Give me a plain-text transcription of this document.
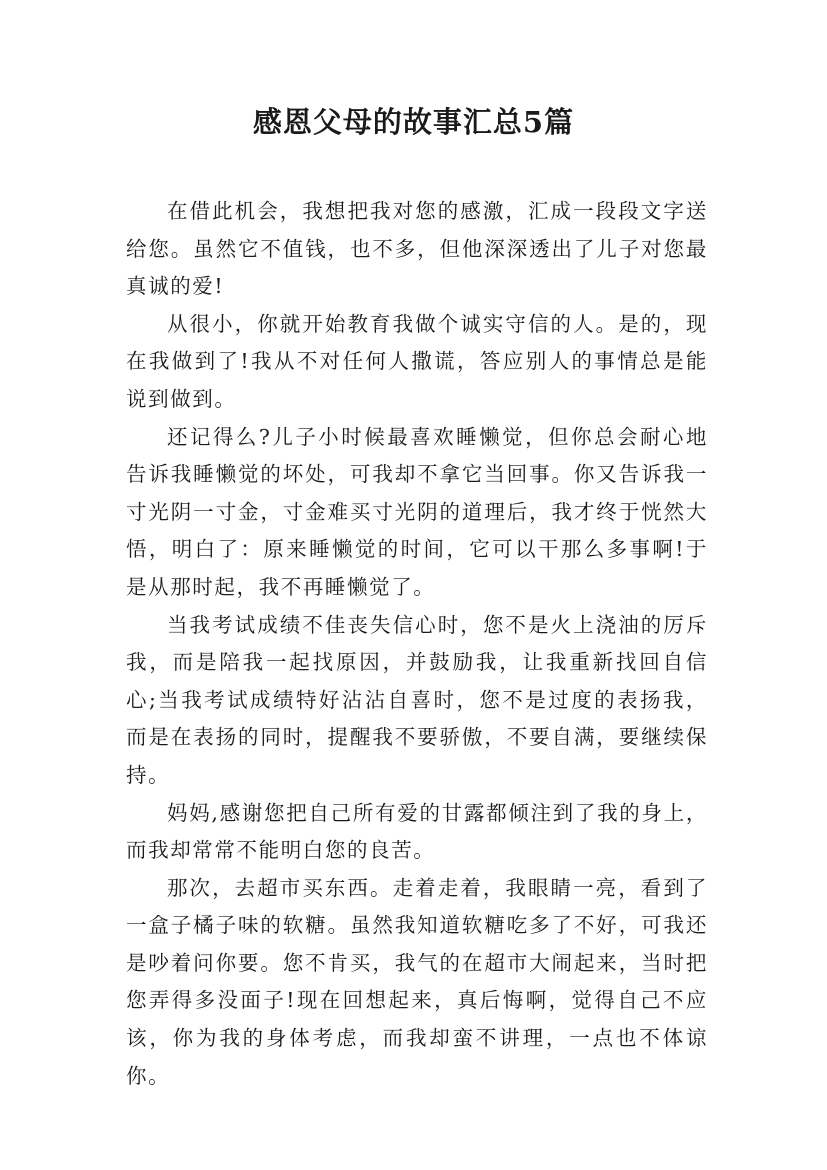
感恩父母的故事汇总5篇

在借此机会，我想把我对您的感激，汇成一段段文字送给您。虽然它不值钱，也不多，但他深深透出了儿子对您最真诚的爱!

从很小，你就开始教育我做个诚实守信的人。是的，现在我做到了!我从不对任何人撒谎，答应别人的事情总是能说到做到。

还记得么?儿子小时候最喜欢睡懒觉，但你总会耐心地告诉我睡懒觉的坏处，可我却不拿它当回事。你又告诉我一寸光阴一寸金，寸金难买寸光阴的道理后，我才终于恍然大悟，明白了：原来睡懒觉的时间，它可以干那么多事啊!于是从那时起，我不再睡懒觉了。

当我考试成绩不佳丧失信心时，您不是火上浇油的厉斥我，而是陪我一起找原因，并鼓励我，让我重新找回自信心;当我考试成绩特好沾沾自喜时，您不是过度的表扬我，而是在表扬的同时，提醒我不要骄傲，不要自满，要继续保持。

妈妈,感谢您把自己所有爱的甘露都倾注到了我的身上，而我却常常不能明白您的良苦。

那次，去超市买东西。走着走着，我眼睛一亮，看到了一盒子橘子味的软糖。虽然我知道软糖吃多了不好，可我还是吵着问你要。您不肯买，我气的在超市大闹起来，当时把您弄得多没面子!现在回想起来，真后悔啊，觉得自己不应该，你为我的身体考虑，而我却蛮不讲理，一点也不体谅你。
